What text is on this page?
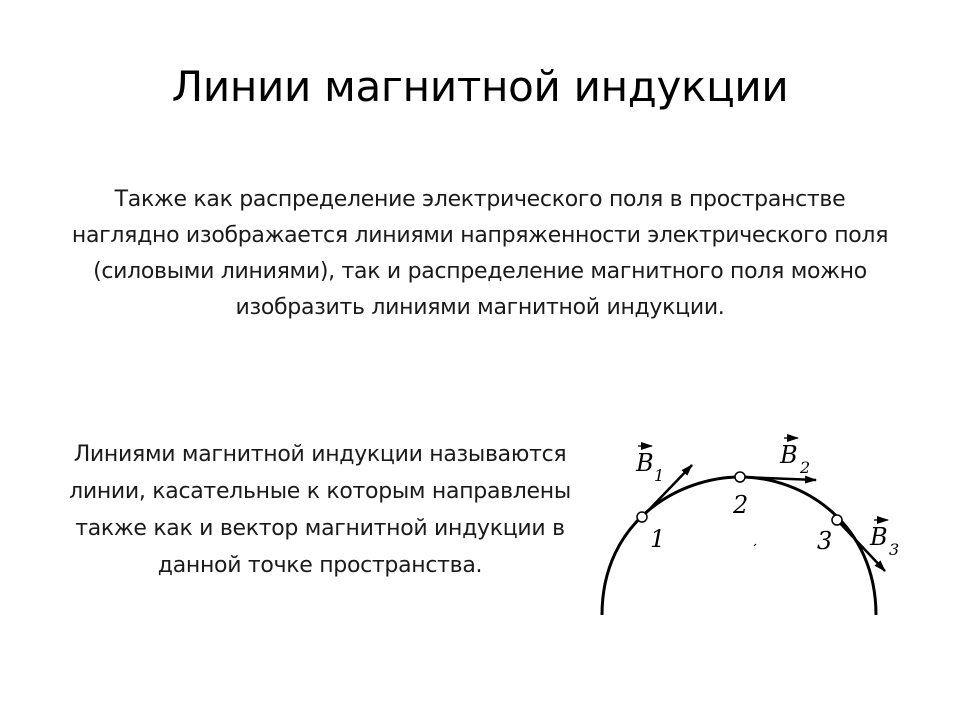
Линии магнитной индукции

Также как распределение электрического поля в пространстве наглядно изображается линиями напряженности электрического поля (силовыми линиями), так и распределение магнитного поля можно изобразить линиями магнитной индукции.

Линиями магнитной индукции называются линии, касательные к которым направлены также как и вектор магнитной индукции в данной точке пространства.

1
2
3
B 1
B 2
B 3
